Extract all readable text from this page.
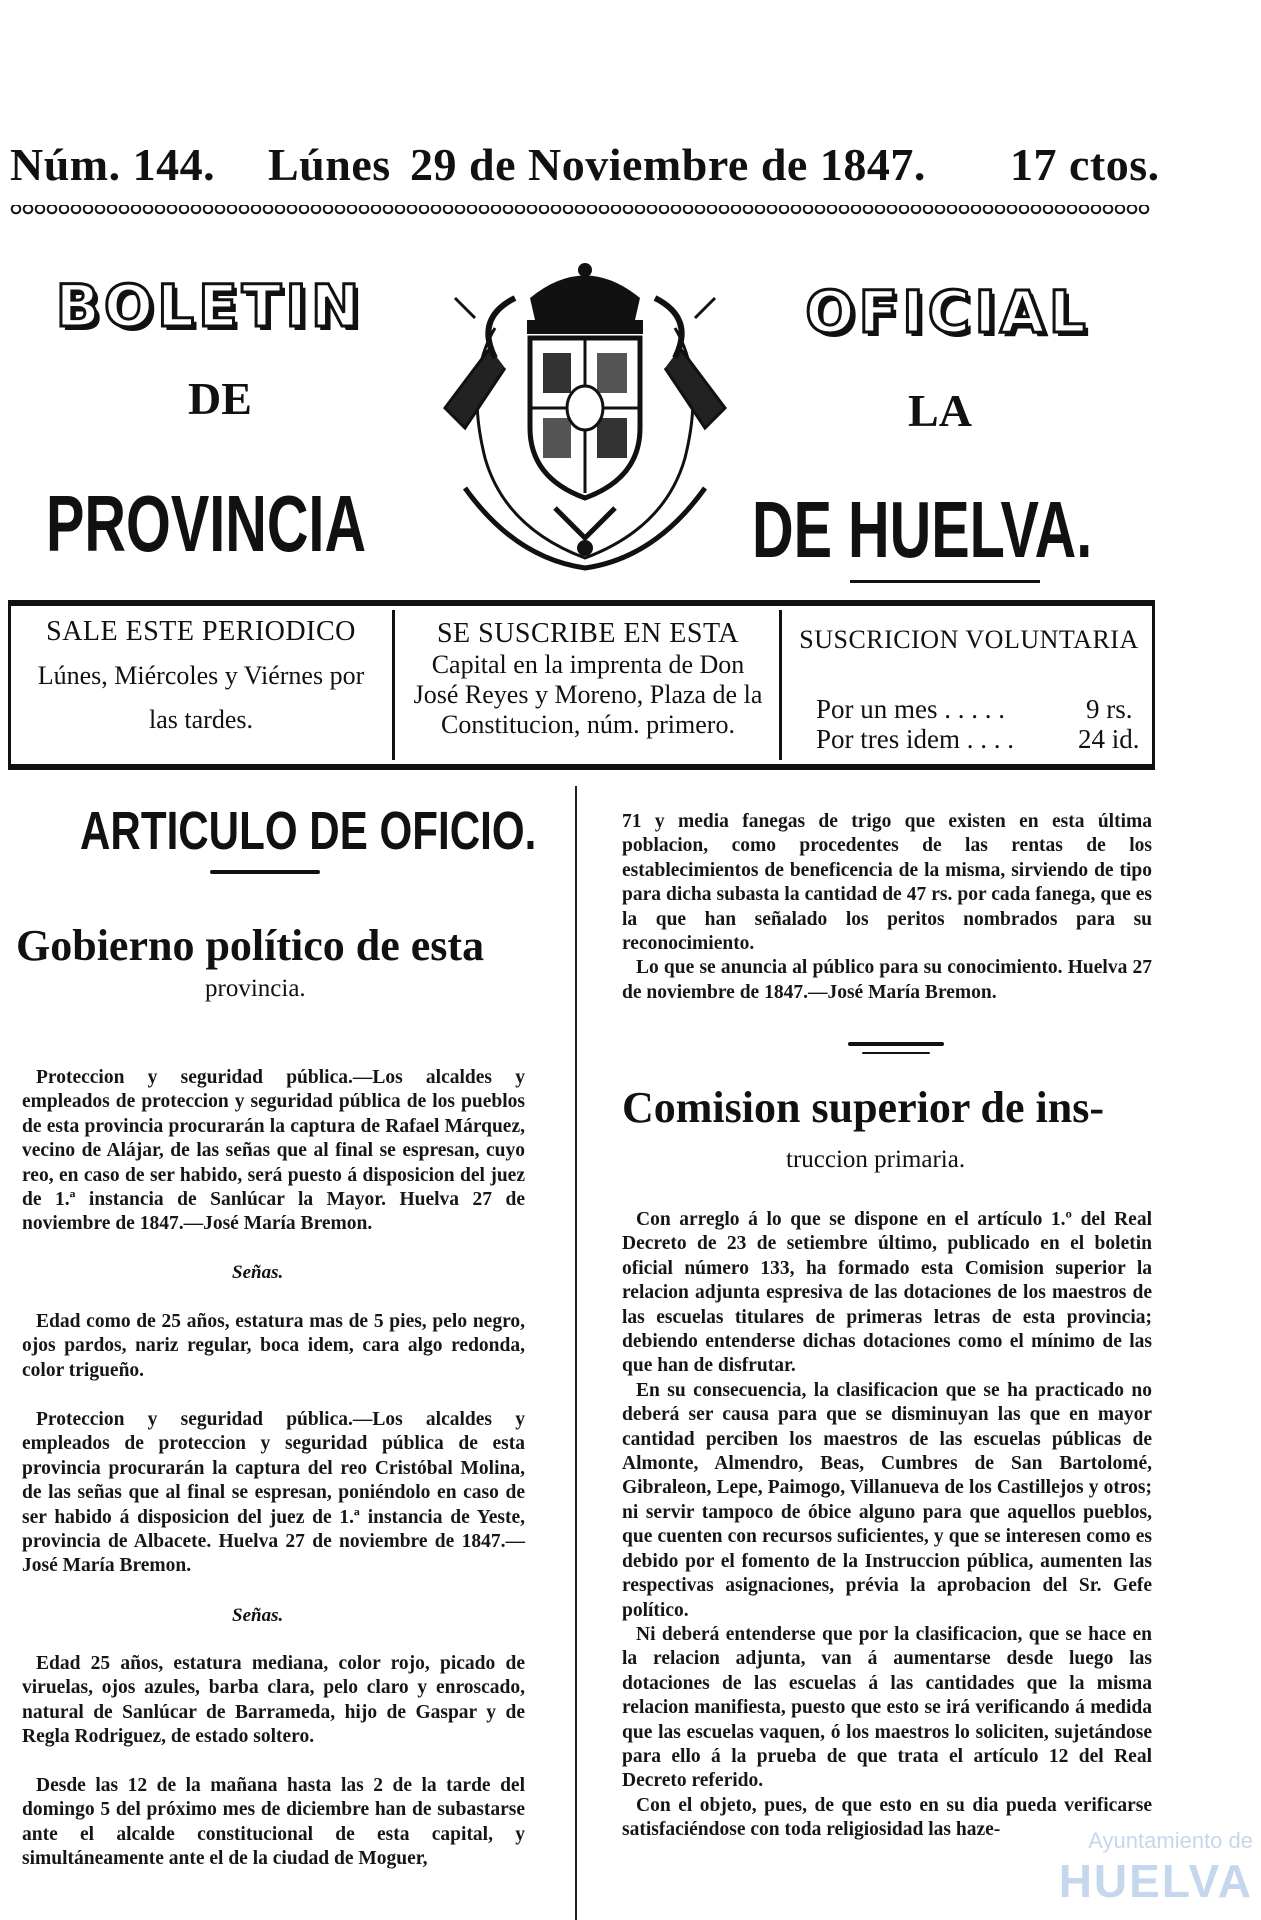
Núm. 144. Lúnes 29 de Noviembre de 1847. 17 ctos.
BOLETIN	OFICIAL
DE	LA
PROVINCIA	DE HUELVA.

SALE ESTE PERIODICO

Lúnes, Miércoles y Viérnes por las tardes.

SE SUSCRIBE EN ESTA

Capital en la imprenta de Don José Reyes y Moreno, Plaza de la Constitucion, núm. primero.

SUSCRICION VOLUNTARIA

Por un mes . . . . .	9 rs.
Por tres idem . . . . 24 id.
ARTICULO DE OFICIO.
Gobierno político de esta
provincia.

Proteccion y seguridad pública.—Los alcaldes y empleados de proteccion y seguridad pública de los pueblos de esta provincia procurarán la captura de Rafael Márquez, vecino de Alájar, de las señas que al final se espresan, cuyo reo, en caso de ser habido, será puesto á disposicion del juez de 1.ª instancia de Sanlúcar la Mayor. Huelva 27 de noviembre de 1847.—José María Bremon.

Señas.

Edad como de 25 años, estatura mas de 5 pies, pelo negro, ojos pardos, nariz regular, boca idem, cara algo redonda, color trigueño.

Proteccion y seguridad pública.—Los alcaldes y empleados de proteccion y seguridad pública de esta provincia procurarán la captura del reo Cristóbal Molina, de las señas que al final se espresan, poniéndolo en caso de ser habido á disposicion del juez de 1.ª instancia de Yeste, provincia de Albacete. Huelva 27 de noviembre de 1847.—José María Bremon.

Señas.

Edad 25 años, estatura mediana, color rojo, picado de viruelas, ojos azules, barba clara, pelo claro y enroscado, natural de Sanlúcar de Barrameda, hijo de Gaspar y de Regla Rodriguez, de estado soltero.

Desde las 12 de la mañana hasta las 2 de la tarde del domingo 5 del próximo mes de diciembre han de subastarse ante el alcalde constitucional de esta capital, y simultáneamente ante el de la ciudad de Moguer,

71 y media fanegas de trigo que existen en esta última poblacion, como procedentes de las rentas de los establecimientos de beneficencia de la misma, sirviendo de tipo para dicha subasta la cantidad de 47 rs. por cada fanega, que es la que han señalado los peritos nombrados para su reconocimiento.

Lo que se anuncia al público para su conocimiento. Huelva 27 de noviembre de 1847.—José María Bremon.

Comision superior de ins-
truccion primaria.

Con arreglo á lo que se dispone en el artículo 1.º del Real Decreto de 23 de setiembre último, publicado en el boletin oficial número 133, ha formado esta Comision superior la relacion adjunta espresiva de las dotaciones de los maestros de las escuelas titulares de primeras letras de esta provincia; debiendo entenderse dichas dotaciones como el mínimo de las que han de disfrutar.

En su consecuencia, la clasificacion que se ha practicado no deberá ser causa para que se disminuyan las que en mayor cantidad perciben los maestros de las escuelas públicas de Almonte, Almendro, Beas, Cumbres de San Bartolomé, Gibraleon, Lepe, Paimogo, Villanueva de los Castillejos y otros; ni servir tampoco de óbice alguno para que aquellos pueblos, que cuenten con recursos suficientes, y que se interesen como es debido por el fomento de la Instruccion pública, aumenten las respectivas asignaciones, prévia la aprobacion del Sr. Gefe político.

Ni deberá entenderse que por la clasificacion, que se hace en la relacion adjunta, van á aumentarse desde luego las dotaciones de las escuelas á las cantidades que la misma relacion manifiesta, puesto que esto se irá verificando á medida que las escuelas vaquen, ó los maestros lo soliciten, sujetándose para ello á la prueba de que trata el artículo 12 del Real Decreto referido.

Con el objeto, pues, de que esto en su dia pueda verificarse satisfaciéndose con toda religiosidad las haze-	Ayuntamiento de
HUELVA
